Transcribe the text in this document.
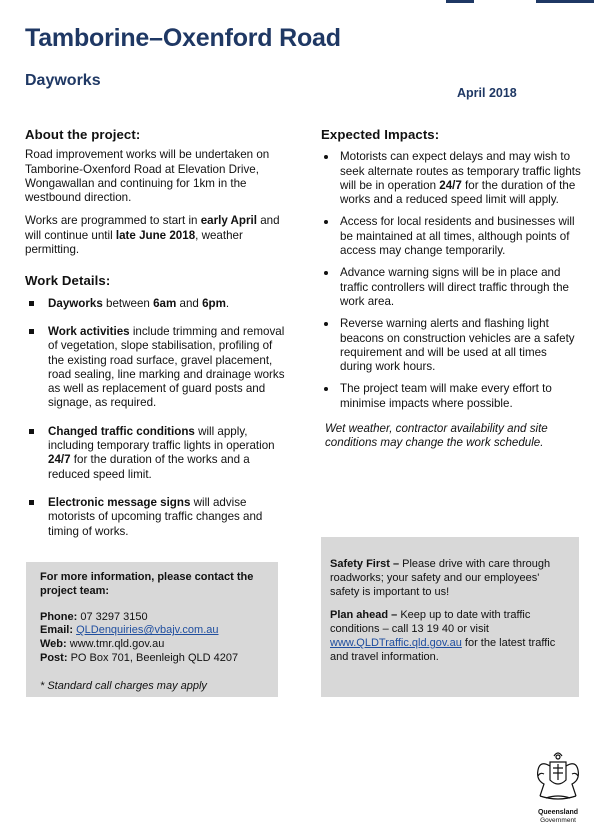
Tamborine–Oxenford Road
Dayworks
April 2018
About the project:

Road improvement works will be undertaken on Tamborine-Oxenford Road at Elevation Drive, Wongawallan and continuing for 1km in the westbound direction.

Works are programmed to start in early April and will continue until late June 2018, weather permitting.

Work Details:
Dayworks between 6am and 6pm.
Work activities include trimming and removal of vegetation, slope stabilisation, profiling of the existing road surface, gravel placement, road sealing, line marking and drainage works as well as replacement of guard posts and signage, as required.
Changed traffic conditions will apply, including temporary traffic lights in operation 24/7 for the duration of the works and a reduced speed limit.
Electronic message signs will advise motorists of upcoming traffic changes and timing of works.
Expected Impacts:
Motorists can expect delays and may wish to seek alternate routes as temporary traffic lights will be in operation 24/7 for the duration of the works and a reduced speed limit will apply.
Access for local residents and businesses will be maintained at all times, although points of access may change temporarily.
Advance warning signs will be in place and traffic controllers will direct traffic through the work area.
Reverse warning alerts and flashing light beacons on construction vehicles are a safety requirement and will be used at all times during work hours.
The project team will make every effort to minimise impacts where possible.
Wet weather, contractor availability and site conditions may change the work schedule.

For more information, please contact the project team:

Phone: 07 3297 3150
Email: QLDenquiries@vbajv.com.au
Web: www.tmr.qld.gov.au
Post: PO Box 701, Beenleigh QLD 4207
* Standard call charges may apply

Safety First – Please drive with care through roadworks; your safety and our employees' safety is important to us!

Plan ahead – Keep up to date with traffic conditions – call 13 19 40 or visit www.QLDTraffic.qld.gov.au for the latest traffic and travel information.

Queensland
Government
